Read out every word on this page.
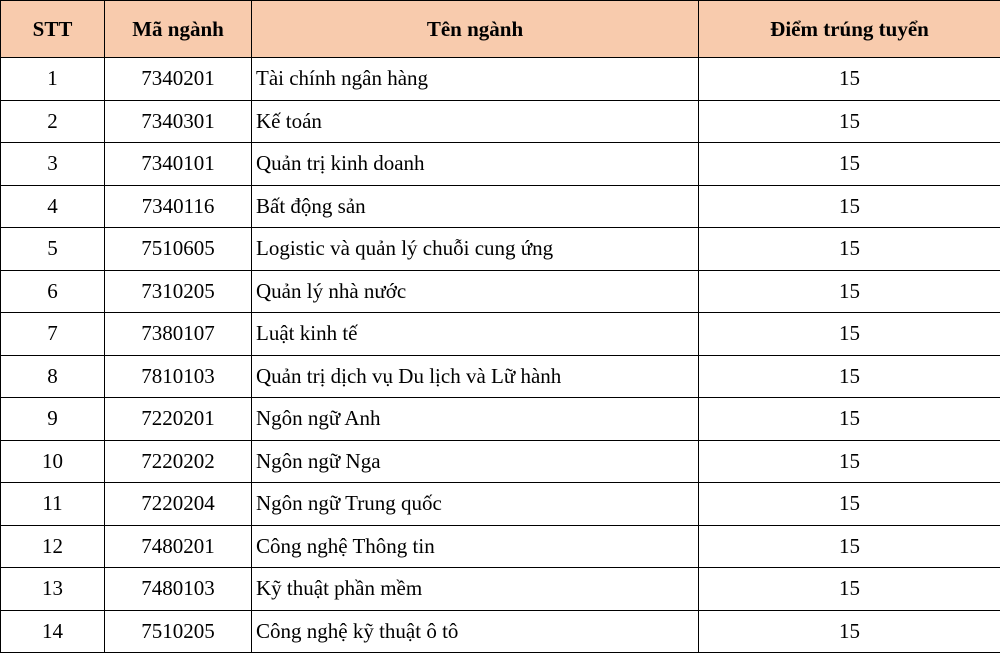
STT	Mã ngành	Tên ngành	Điểm trúng tuyển
1	7340201	Tài chính ngân hàng	15
2	7340301	Kế toán	15
3	7340101	Quản trị kinh doanh	15
4	7340116	Bất động sản	15
5	7510605	Logistic và quản lý chuỗi cung ứng	15
6	7310205	Quản lý nhà nước	15
7	7380107	Luật kinh tế	15
8	7810103	Quản trị dịch vụ Du lịch và Lữ hành	15
9	7220201	Ngôn ngữ Anh	15
10	7220202	Ngôn ngữ Nga	15
11	7220204	Ngôn ngữ Trung quốc	15
12	7480201	Công nghệ Thông tin	15
13	7480103	Kỹ thuật phần mềm	15
14	7510205	Công nghệ kỹ thuật ô tô	15
